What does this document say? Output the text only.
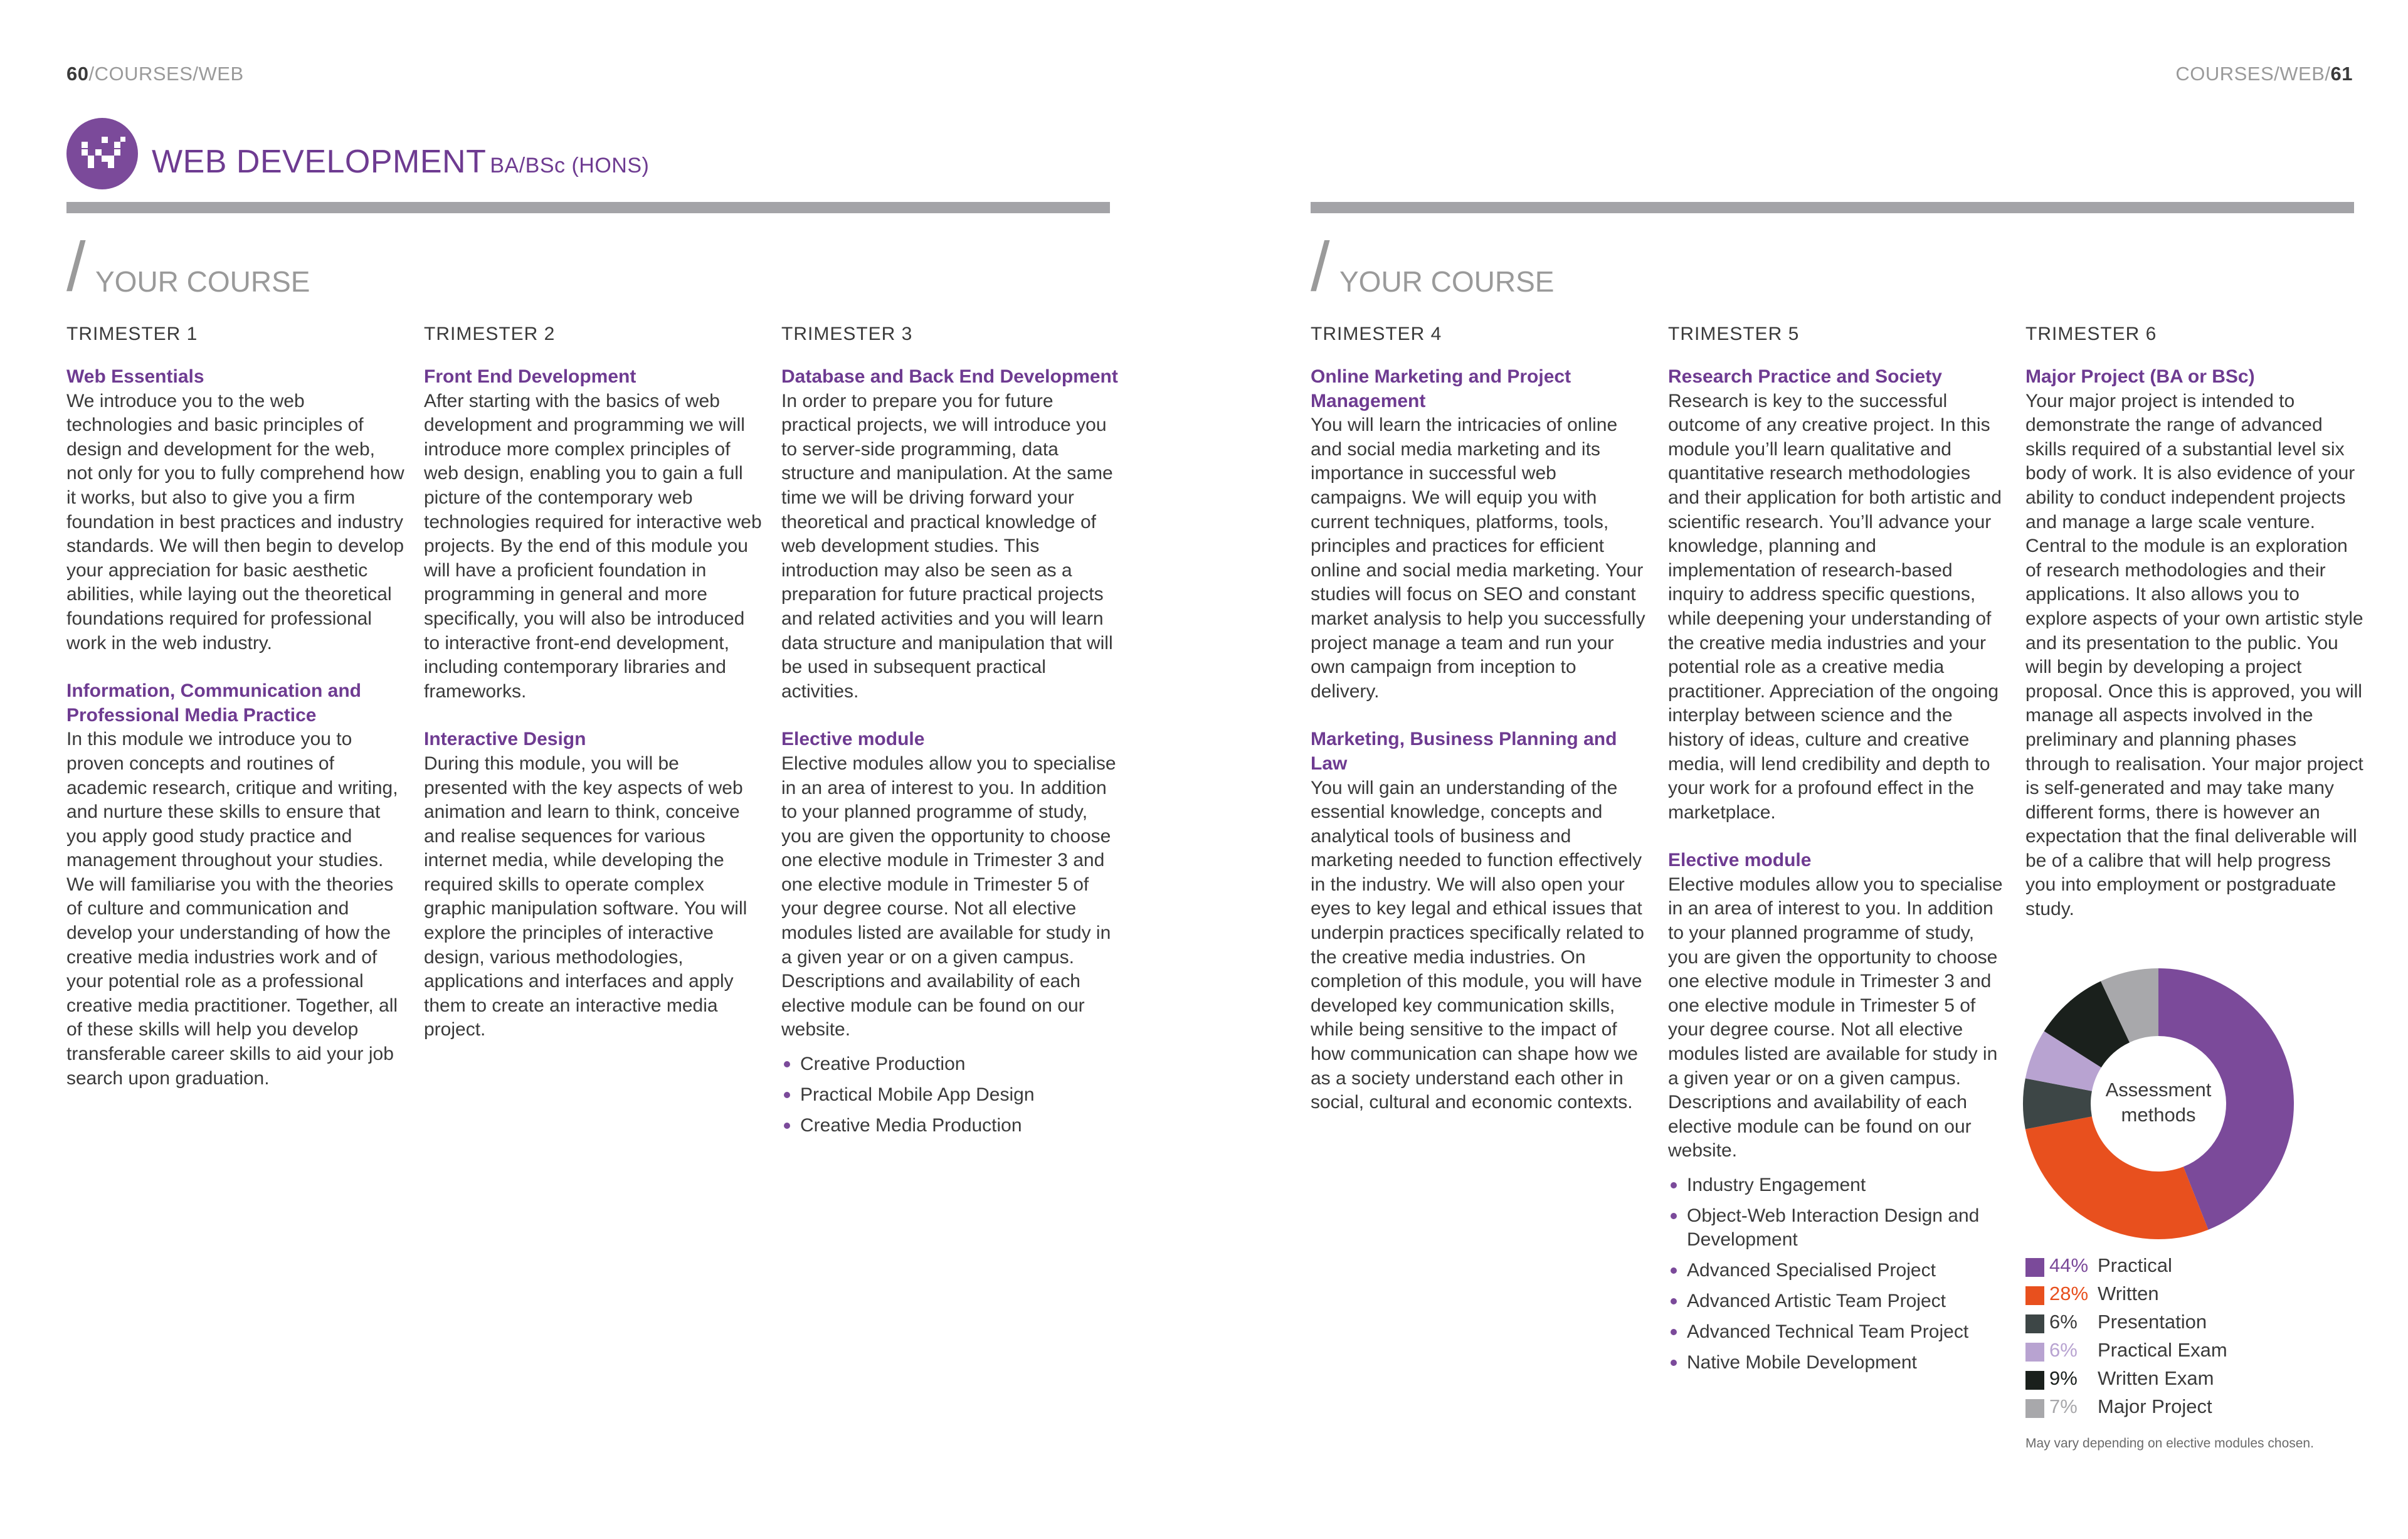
60/COURSES/WEB
WEB DEVELOPMENT BA/BSc (HONS)
/ YOUR COURSE
TRIMESTER 1
Web Essentials

We introduce you to the web technologies and basic principles of design and development for the web, not only for you to fully comprehend how it works, but also to give you a firm foundation in best practices and industry standards. We will then begin to develop your appreciation for basic aesthetic abilities, while laying out the theoretical foundations required for professional work in the web industry.

Information, Communication and Professional Media Practice

In this module we introduce you to proven concepts and routines of academic research, critique and writing, and nurture these skills to ensure that you apply good study practice and management throughout your studies. We will familiarise you with the theories of culture and communication and develop your understanding of how the creative media industries work and of your potential role as a professional creative media practitioner. Together, all of these skills will help you develop transferable career skills to aid your job search upon graduation.

TRIMESTER 2
Front End Development

After starting with the basics of web development and programming we will introduce more complex principles of web design, enabling you to gain a full picture of the contemporary web technologies required for interactive web projects. By the end of this module you will have a proficient foundation in programming in general and more specifically, you will also be introduced to interactive front-end development, including contemporary libraries and frameworks.

Interactive Design

During this module, you will be presented with the key aspects of web animation and learn to think, conceive and realise sequences for various internet media, while developing the required skills to operate complex graphic manipulation software. You will explore the principles of interactive design, various methodologies, applications and interfaces and apply them to create an interactive media project.

TRIMESTER 3
Database and Back End Development

In order to prepare you for future practical projects, we will introduce you to server-side programming, data structure and manipulation. At the same time we will be driving forward your theoretical and practical knowledge of web development studies. This introduction may also be seen as a preparation for future practical projects and related activities and you will learn data structure and manipulation that will be used in subsequent practical activities.

Elective module

Elective modules allow you to specialise in an area of interest to you. In addition to your planned programme of study, you are given the opportunity to choose one elective module in Trimester 3 and one elective module in Trimester 5 of your degree course. Not all elective modules listed are available for study in a given year or on a given campus. Descriptions and availability of each elective module can be found on our website.

Creative Production
Practical Mobile App Design
Creative Media Production
COURSES/WEB/61
/ YOUR COURSE
TRIMESTER 4
Online Marketing and Project Management

You will learn the intricacies of online and social media marketing and its importance in successful web campaigns. We will equip you with current techniques, platforms, tools, principles and practices for efficient online and social media marketing. Your studies will focus on SEO and constant market analysis to help you successfully project manage a team and run your own campaign from inception to delivery.

Marketing, Business Planning and Law

You will gain an understanding of the essential knowledge, concepts and analytical tools of business and marketing needed to function effectively in the industry. We will also open your eyes to key legal and ethical issues that underpin practices specifically related to the creative media industries. On completion of this module, you will have developed key communication skills, while being sensitive to the impact of how communication can shape how we as a society understand each other in social, cultural and economic contexts.

TRIMESTER 5
Research Practice and Society

Research is key to the successful outcome of any creative project. In this module you’ll learn qualitative and quantitative research methodologies and their application for both artistic and scientific research. You’ll advance your knowledge, planning and implementation of research-based inquiry to address specific questions, while deepening your understanding of the creative media industries and your potential role as a creative media practitioner. Appreciation of the ongoing interplay between science and the history of ideas, culture and creative media, will lend credibility and depth to your work for a profound effect in the marketplace.

Elective module

Elective modules allow you to specialise in an area of interest to you. In addition to your planned programme of study, you are given the opportunity to choose one elective module in Trimester 3 and one elective module in Trimester 5 of your degree course. Not all elective modules listed are available for study in a given year or on a given campus. Descriptions and availability of each elective module can be found on our website.

Industry Engagement
Object-Web Interaction Design and Development
Advanced Specialised Project
Advanced Artistic Team Project
Advanced Technical Team Project
Native Mobile Development
TRIMESTER 6
Major Project (BA or BSc)

Your major project is intended to demonstrate the range of advanced skills required of a substantial level six body of work. It is also evidence of your ability to conduct independent projects and manage a large scale venture. Central to the module is an exploration of research methodologies and their applications. It also allows you to explore aspects of your own artistic style and its presentation to the public. You will begin by developing a project proposal. Once this is approved, you will manage all aspects involved in the preliminary and planning phases through to realisation. Your major project is self-generated and may take many different forms, there is however an expectation that the final deliverable will be of a calibre that will help progress you into employment or postgraduate study.

Assessment methods
44% Practical
28% Written
6% Presentation
6% Practical Exam
9% Written Exam
7% Major Project
May vary depending on elective modules chosen.
